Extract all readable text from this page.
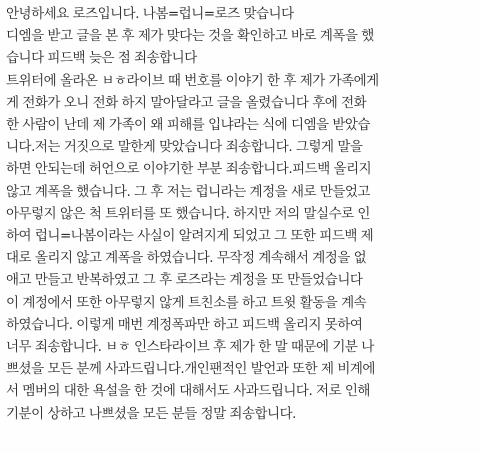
안녕하세요 로즈입니다. 나봄=럽니=로즈 맞습니다
디엠을 받고 글을 본 후 제가 맞다는 것을 확인하고 바로 계폭을 했
습니다 피드백 늦은 점 죄송합니다
트위터에 올라온 ㅂㅎ라이브 때 번호를 이야기 한 후 제가 가족에게
게 전화가 오니 전화 하지 말아달라고 글을 올렸습니다 후에 전화
한 사람이 난데 제 가족이 왜 피해를 입냐라는 식에 디엠을 받았습
니다.저는 거짓으로 말한게 맞았습니다 죄송합니다. 그렇게 말을
하면 안되는데 허언으로 이야기한 부분 죄송합니다.피드백 올리지
않고 계폭을 했습니다. 그 후 저는 럽니라는 계정을 새로 만들었고
아무렇지 않은 척 트위터를 또 했습니다. 하지만 저의 말실수로 인
하여 럽니=나봄이라는 사실이 알려지게 되었고 그 또한 피드백 제
대로 올리지 않고 계폭을 하였습니다. 무작정 계속해서 계정을 없
애고 만들고 반복하였고 그 후 로즈라는 계정을 또 만들었습니다
이 계정에서 또한 아무렇지 않게 트친소를 하고 트윗 활동을 계속
하였습니다. 이렇게 매번 계정폭파만 하고 피드백 올리지 못하여
너무 죄송합니다. ㅂㅎ 인스타라이브 후 제가 한 말 때문에 기분 나
쁘셨을 모든 분께 사과드립니다.개인팬적인 발언과 또한 제 비계에
서 멤버의 대한 욕설을 한 것에 대해서도 사과드립니다. 저로 인해
기분이 상하고 나쁘셨을 모든 분들 정말 죄송합니다.
